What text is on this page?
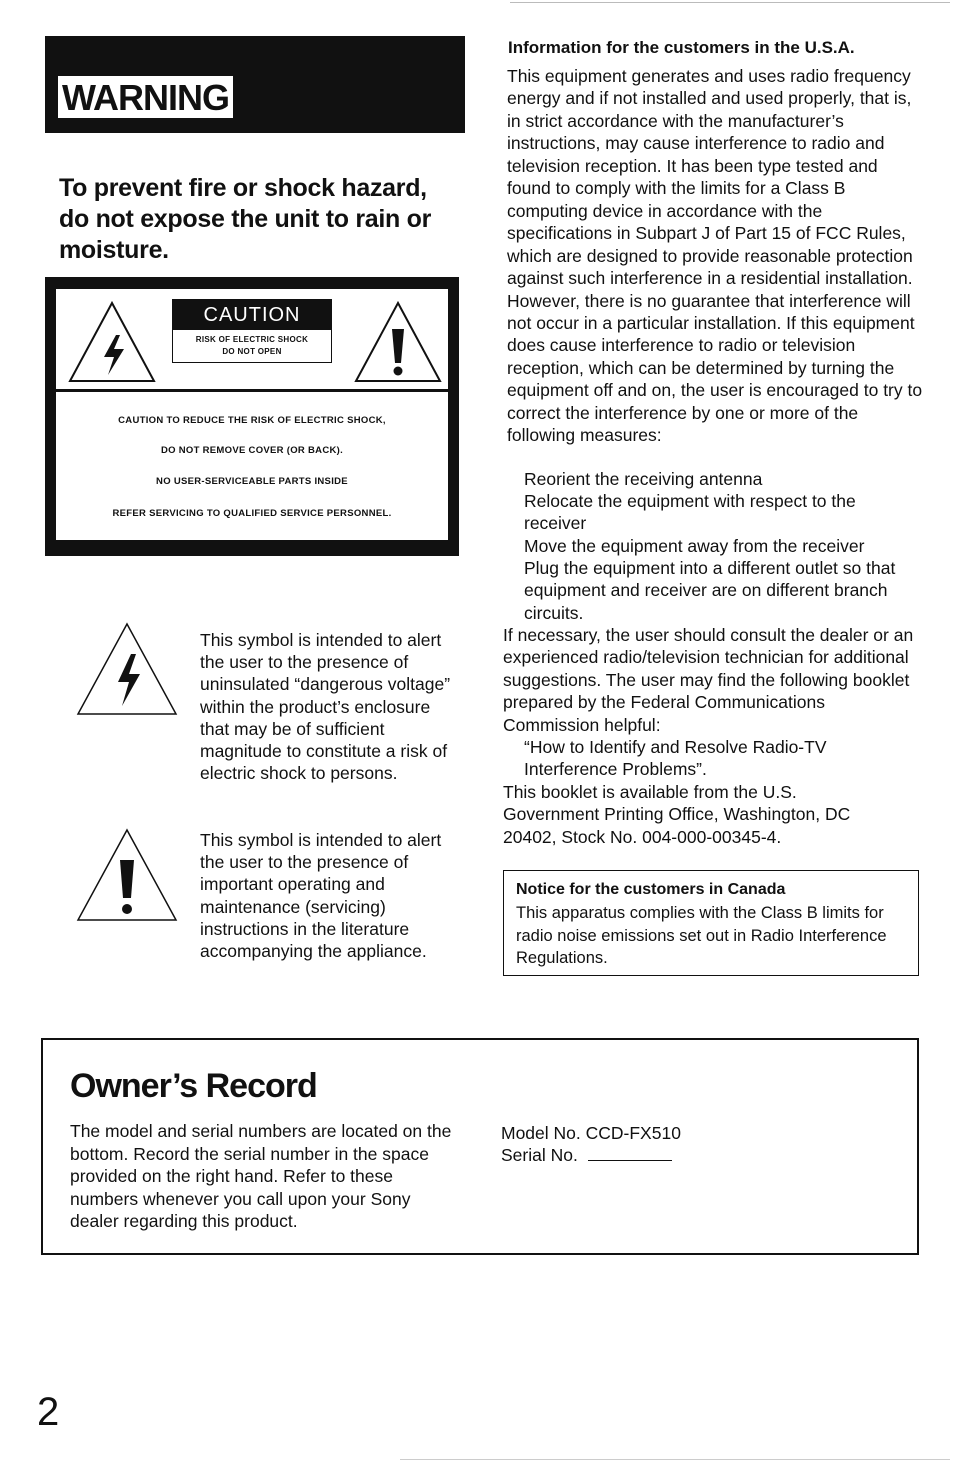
WARNING
To prevent fire or shock hazard, do not expose the unit to rain or moisture.
CAUTION
RISK OF ELECTRIC SHOCK
DO NOT OPEN
CAUTION TO REDUCE THE RISK OF ELECTRIC SHOCK,
DO NOT REMOVE COVER (OR BACK).
NO USER-SERVICEABLE PARTS INSIDE
REFER SERVICING TO QUALIFIED SERVICE PERSONNEL.
This symbol is intended to alert the user to the presence of uninsulated “dangerous voltage” within the product’s enclosure that may be of sufficient magnitude to constitute a risk of electric shock to persons.
This symbol is intended to alert the user to the presence of important operating and maintenance (servicing) instructions in the literature accompanying the appliance.
Information for the customers in the U.S.A.
This equipment generates and uses radio frequency energy and if not installed and used properly, that is, in strict accordance with the manufacturer’s instructions, may cause interference to radio and television reception. It has been type tested and found to comply with the limits for a Class B computing device in accordance with the specifications in Subpart J of Part 15 of FCC Rules, which are designed to provide reasonable protection against such interference in a residential installation. However, there is no guarantee that interference will not occur in a particular installation. If this equipment does cause interference to radio or television reception, which can be determined by turning the equipment off and on, the user is encouraged to try to correct the interference by one or more of the following measures:
Reorient the receiving antenna
Relocate the equipment with respect to the receiver
Move the equipment away from the receiver
Plug the equipment into a different outlet so that equipment and receiver are on different branch circuits.
If necessary, the user should consult the dealer or an experienced radio/television technician for additional suggestions. The user may find the following booklet prepared by the Federal Communications Commission helpful:
“How to Identify and Resolve Radio-TV Interference Problems”.
This booklet is available from the U.S. Government Printing Office, Washington, DC 20402, Stock No. 004-000-00345-4.
Notice for the customers in Canada
This apparatus complies with the Class B limits for radio noise emissions set out in Radio Interference Regulations.
Owner’s Record
The model and serial numbers are located on the bottom. Record the serial number in the space provided on the right hand. Refer to these numbers whenever you call upon your Sony dealer regarding this product.
Model No. CCD-FX510
Serial No.
2
